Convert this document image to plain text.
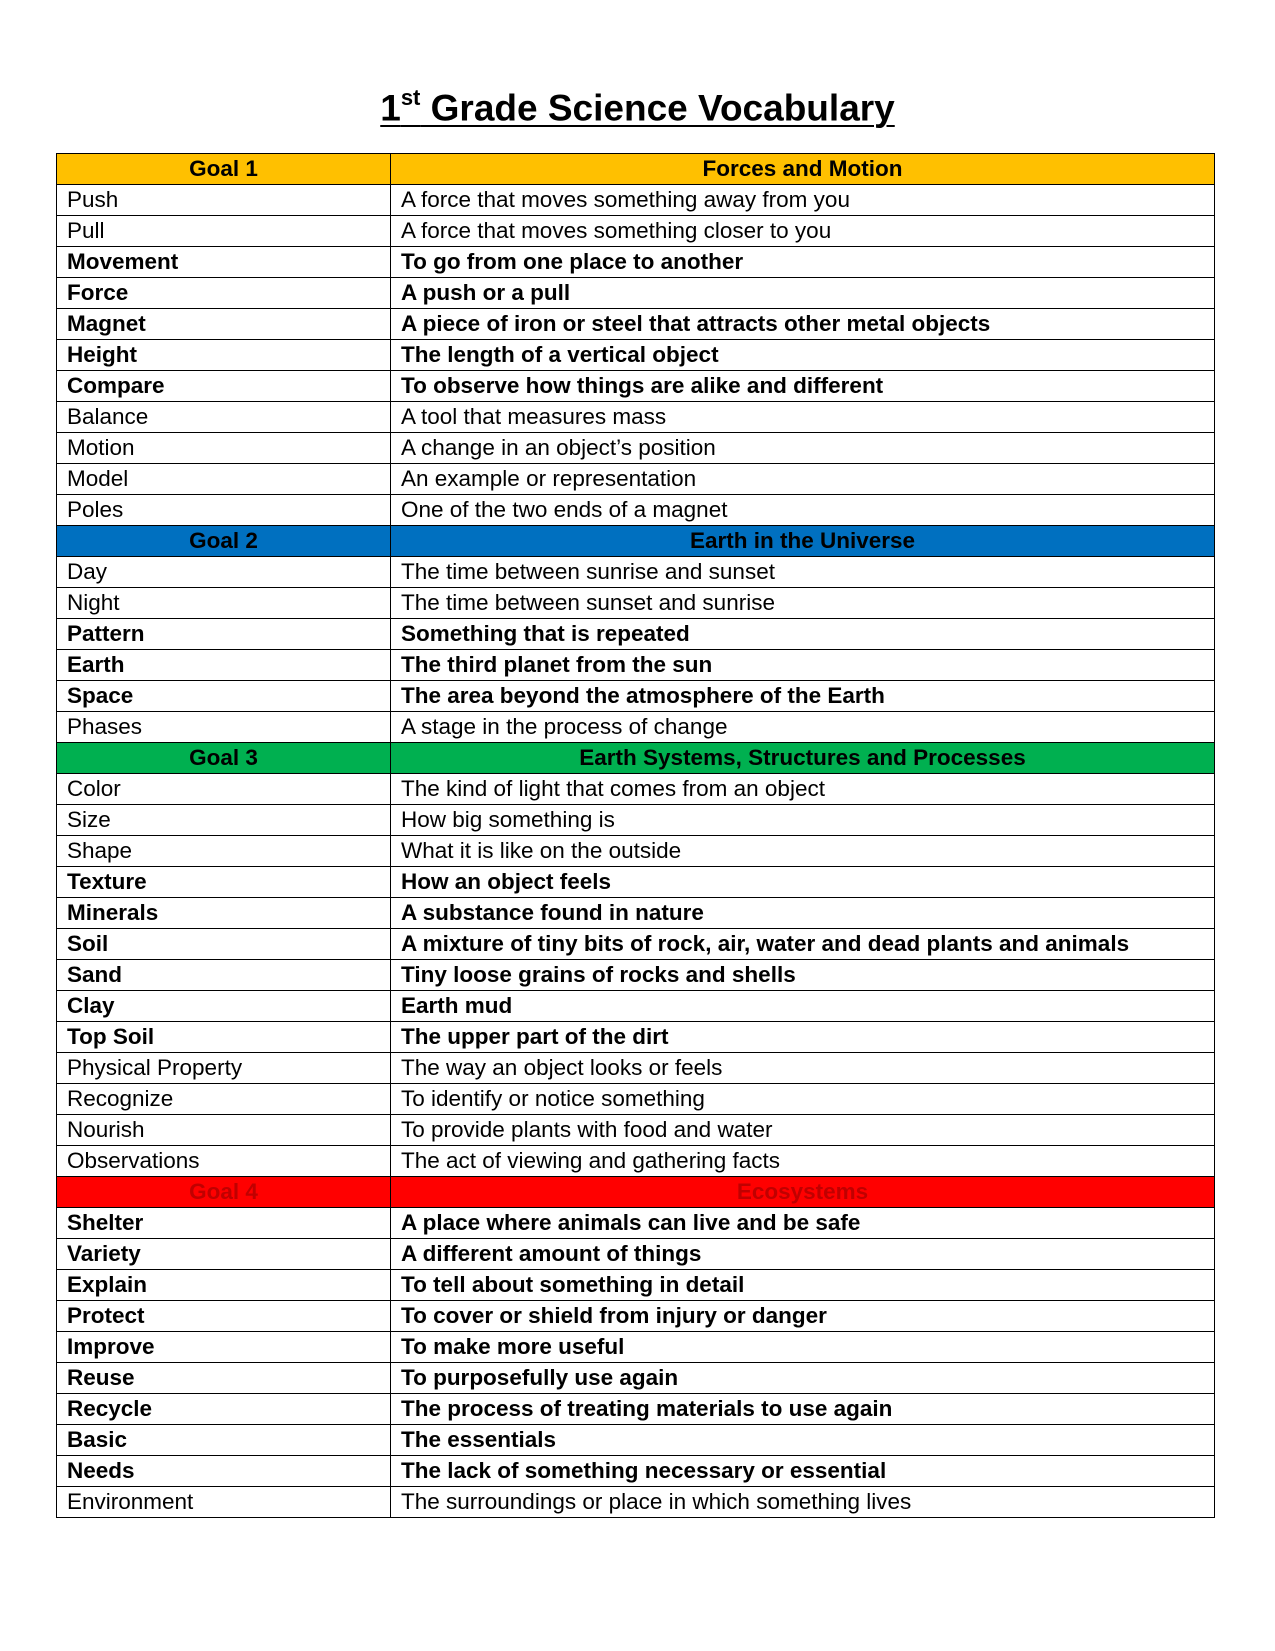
1st Grade Science Vocabulary
Goal 1	Forces and Motion
Push	A force that moves something away from you
Pull	A force that moves something closer to you
Movement	To go from one place to another
Force	A push or a pull
Magnet	A piece of iron or steel that attracts other metal objects
Height	The length of a vertical object
Compare	To observe how things are alike and different
Balance	A tool that measures mass
Motion	A change in an object’s position
Model	An example or representation
Poles	One of the two ends of a magnet
Goal 2	Earth in the Universe
Day	The time between sunrise and sunset
Night	The time between sunset and sunrise
Pattern	Something that is repeated
Earth	The third planet from the sun
Space	The area beyond the atmosphere of the Earth
Phases	A stage in the process of change
Goal 3	Earth Systems, Structures and Processes
Color	The kind of light that comes from an object
Size	How big something is
Shape	What it is like on the outside
Texture	How an object feels
Minerals	A substance found in nature
Soil	A mixture of tiny bits of rock, air, water and dead plants and animals
Sand	Tiny loose grains of rocks and shells
Clay	Earth mud
Top Soil	The upper part of the dirt
Physical Property	The way an object looks or feels
Recognize	To identify or notice something
Nourish	To provide plants with food and water
Observations	The act of viewing and gathering facts
Goal 4	Ecosystems
Shelter	A place where animals can live and be safe
Variety	A different amount of things
Explain	To tell about something in detail
Protect	To cover or shield from injury or danger
Improve	To make more useful
Reuse	To purposefully use again
Recycle	The process of treating materials to use again
Basic	The essentials
Needs	The lack of something necessary or essential
Environment	The surroundings or place in which something lives
